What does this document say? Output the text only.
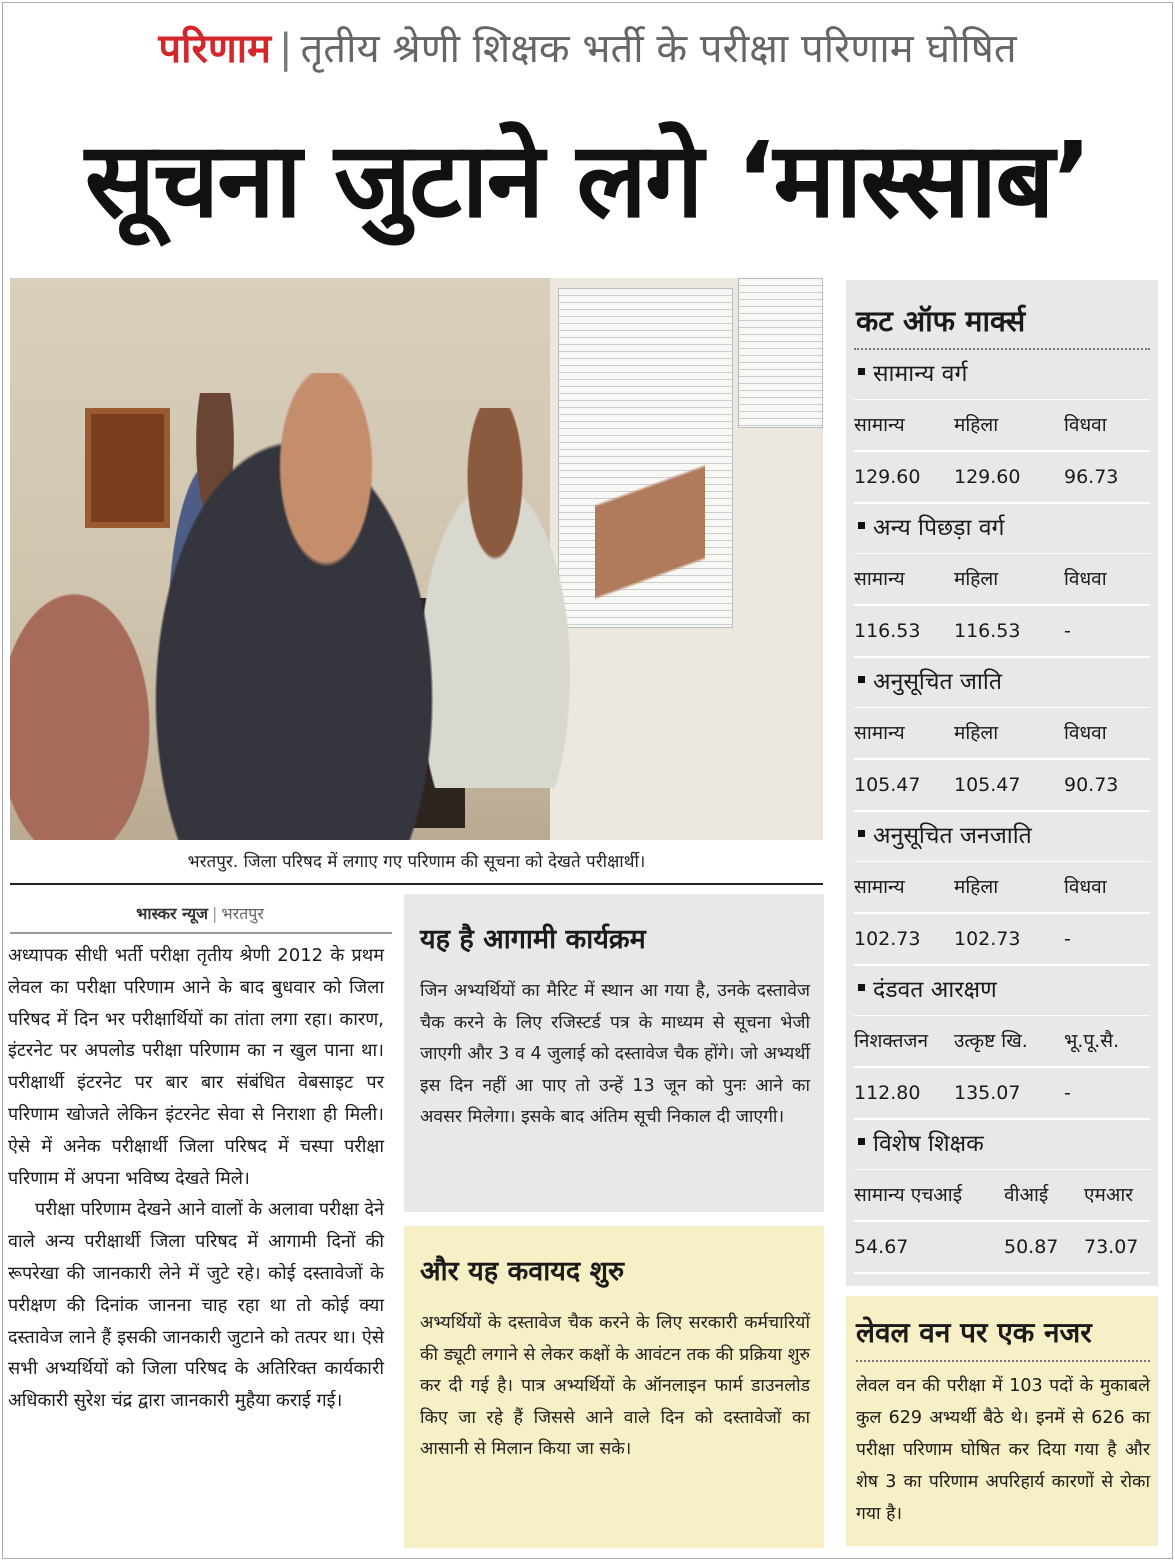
परिणाम | तृतीय श्रेणी शिक्षक भर्ती के परीक्षा परिणाम घोषित
सूचना जुटाने लगे ‘मास्साब’
भरतपुर. जिला परिषद में लगाए गए परिणाम की सूचना को देखते परीक्षार्थी।
भास्कर न्यूज | भरतपुर

अध्यापक सीधी भर्ती परीक्षा तृतीय श्रेणी 2012 के प्रथम लेवल का परीक्षा परिणाम आने के बाद बुधवार को जिला परिषद में दिन भर परीक्षार्थियों का तांता लगा रहा। कारण, इंटरनेट पर अपलोड परीक्षा परिणाम का न खुल पाना था। परीक्षार्थी इंटरनेट पर बार बार संबंधित वेबसाइट पर परिणाम खोजते लेकिन इंटरनेट सेवा से निराशा ही मिली। ऐसे में अनेक परीक्षार्थी जिला परिषद में चस्पा परीक्षा परिणाम में अपना भविष्य देखते मिले।

परीक्षा परिणाम देखने आने वालों के अलावा परीक्षा देने वाले अन्य परीक्षार्थी जिला परिषद में आगामी दिनों की रूपरेखा की जानकारी लेने में जुटे रहे। कोई दस्तावेजों के परीक्षण की दिनांक जानना चाह रहा था तो कोई क्या दस्तावेज लाने हैं इसकी जानकारी जुटाने को तत्पर था। ऐसे सभी अभ्यर्थियों को जिला परिषद के अतिरिक्त कार्यकारी अधिकारी सुरेश चंद्र द्वारा जानकारी मुहैया कराई गई।

यह है आगामी कार्यक्रम
जिन अभ्यर्थियों का मैरिट में स्थान आ गया है, उनके दस्तावेज चैक करने के लिए रजिस्टर्ड पत्र के माध्यम से सूचना भेजी जाएगी और 3 व 4 जुलाई को दस्तावेज चैक होंगे। जो अभ्यर्थी इस दिन नहीं आ पाए तो उन्हें 13 जून को पुनः आने का अवसर मिलेगा। इसके बाद अंतिम सूची निकाल दी जाएगी।
और यह कवायद शुरु
अभ्यर्थियों के दस्तावेज चैक करने के लिए सरकारी कर्मचारियों की ड्यूटी लगाने से लेकर कक्षों के आवंटन तक की प्रक्रिया शुरु कर दी गई है। पात्र अभ्यर्थियों के ऑनलाइन फार्म डाउनलोड किए जा रहे हैं जिससे आने वाले दिन को दस्तावेजों का आसानी से मिलान किया जा सके।
कट ऑफ मार्क्स
सामान्य वर्ग
सामान्य	महिला	विधवा
129.60	129.60	96.73
अन्य पिछड़ा वर्ग
सामान्य	महिला	विधवा
116.53	116.53	-
अनुसूचित जाति
सामान्य	महिला	विधवा
105.47	105.47	90.73
अनुसूचित जनजाति
सामान्य	महिला	विधवा
102.73	102.73	-
दंडवत आरक्षण
निशक्तजन	उत्कृष्ट खि.	भू.पू.सै.
112.80	135.07	-
विशेष शिक्षक
सामान्य एचआई	वीआई	एमआर
54.67	50.87	73.07
लेवल वन पर एक नजर
लेवल वन की परीक्षा में 103 पदों के मुकाबले कुल 629 अभ्यर्थी बैठे थे। इनमें से 626 का परीक्षा परिणाम घोषित कर दिया गया है और शेष 3 का परिणाम अपरिहार्य कारणों से रोका गया है।
